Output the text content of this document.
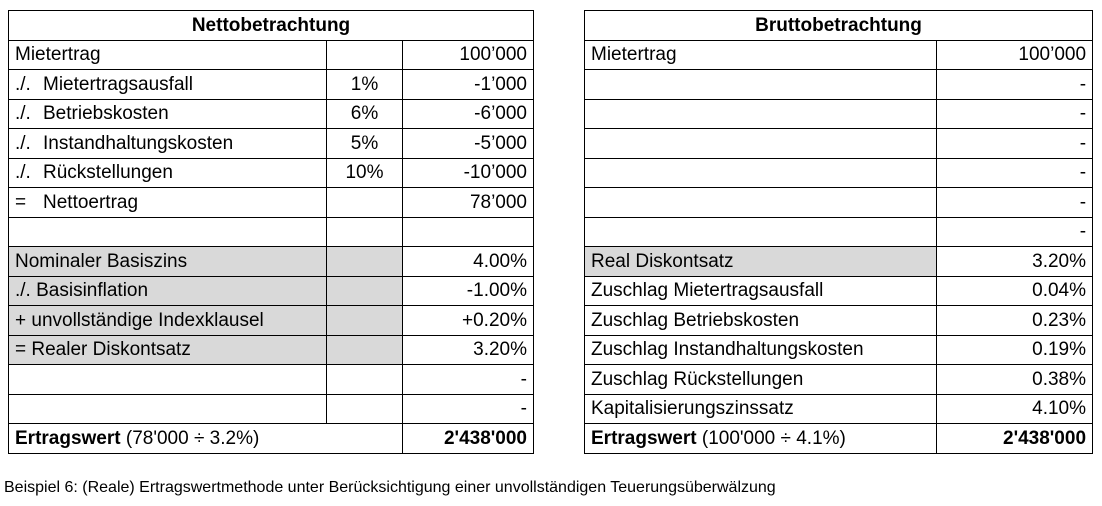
Nettobetrachtung		
Mietertrag		100’000
./. Mietertragsausfall	1%	-1’000
./. Betriebskosten	6%	-6’000
./. Instandhaltungskosten	5%	-5’000
./. Rückstellungen	10%	-10’000
= Nettoertrag		78’000

Nominaler Basiszins		4.00%
./. Basisinflation		-1.00%
+ unvollständige Indexklausel		+0.20%
= Realer Diskontsatz		3.20%
		-
		-
Ertragswert (78'000 ÷ 3.2%)		2'438'000
Bruttobetrachtung	
Mietertrag	100’000
	-
	-
	-
	-
	-
	-
Real Diskontsatz	3.20%
Zuschlag Mietertragsausfall	0.04%
Zuschlag Betriebskosten	0.23%
Zuschlag Instandhaltungskosten	0.19%
Zuschlag Rückstellungen	0.38%
Kapitalisierungszinssatz	4.10%
Ertragswert (100'000 ÷ 4.1%)	2'438'000
Beispiel 6: (Reale) Ertragswertmethode unter Berücksichtigung einer unvollständigen Teuerungsüberwälzung
